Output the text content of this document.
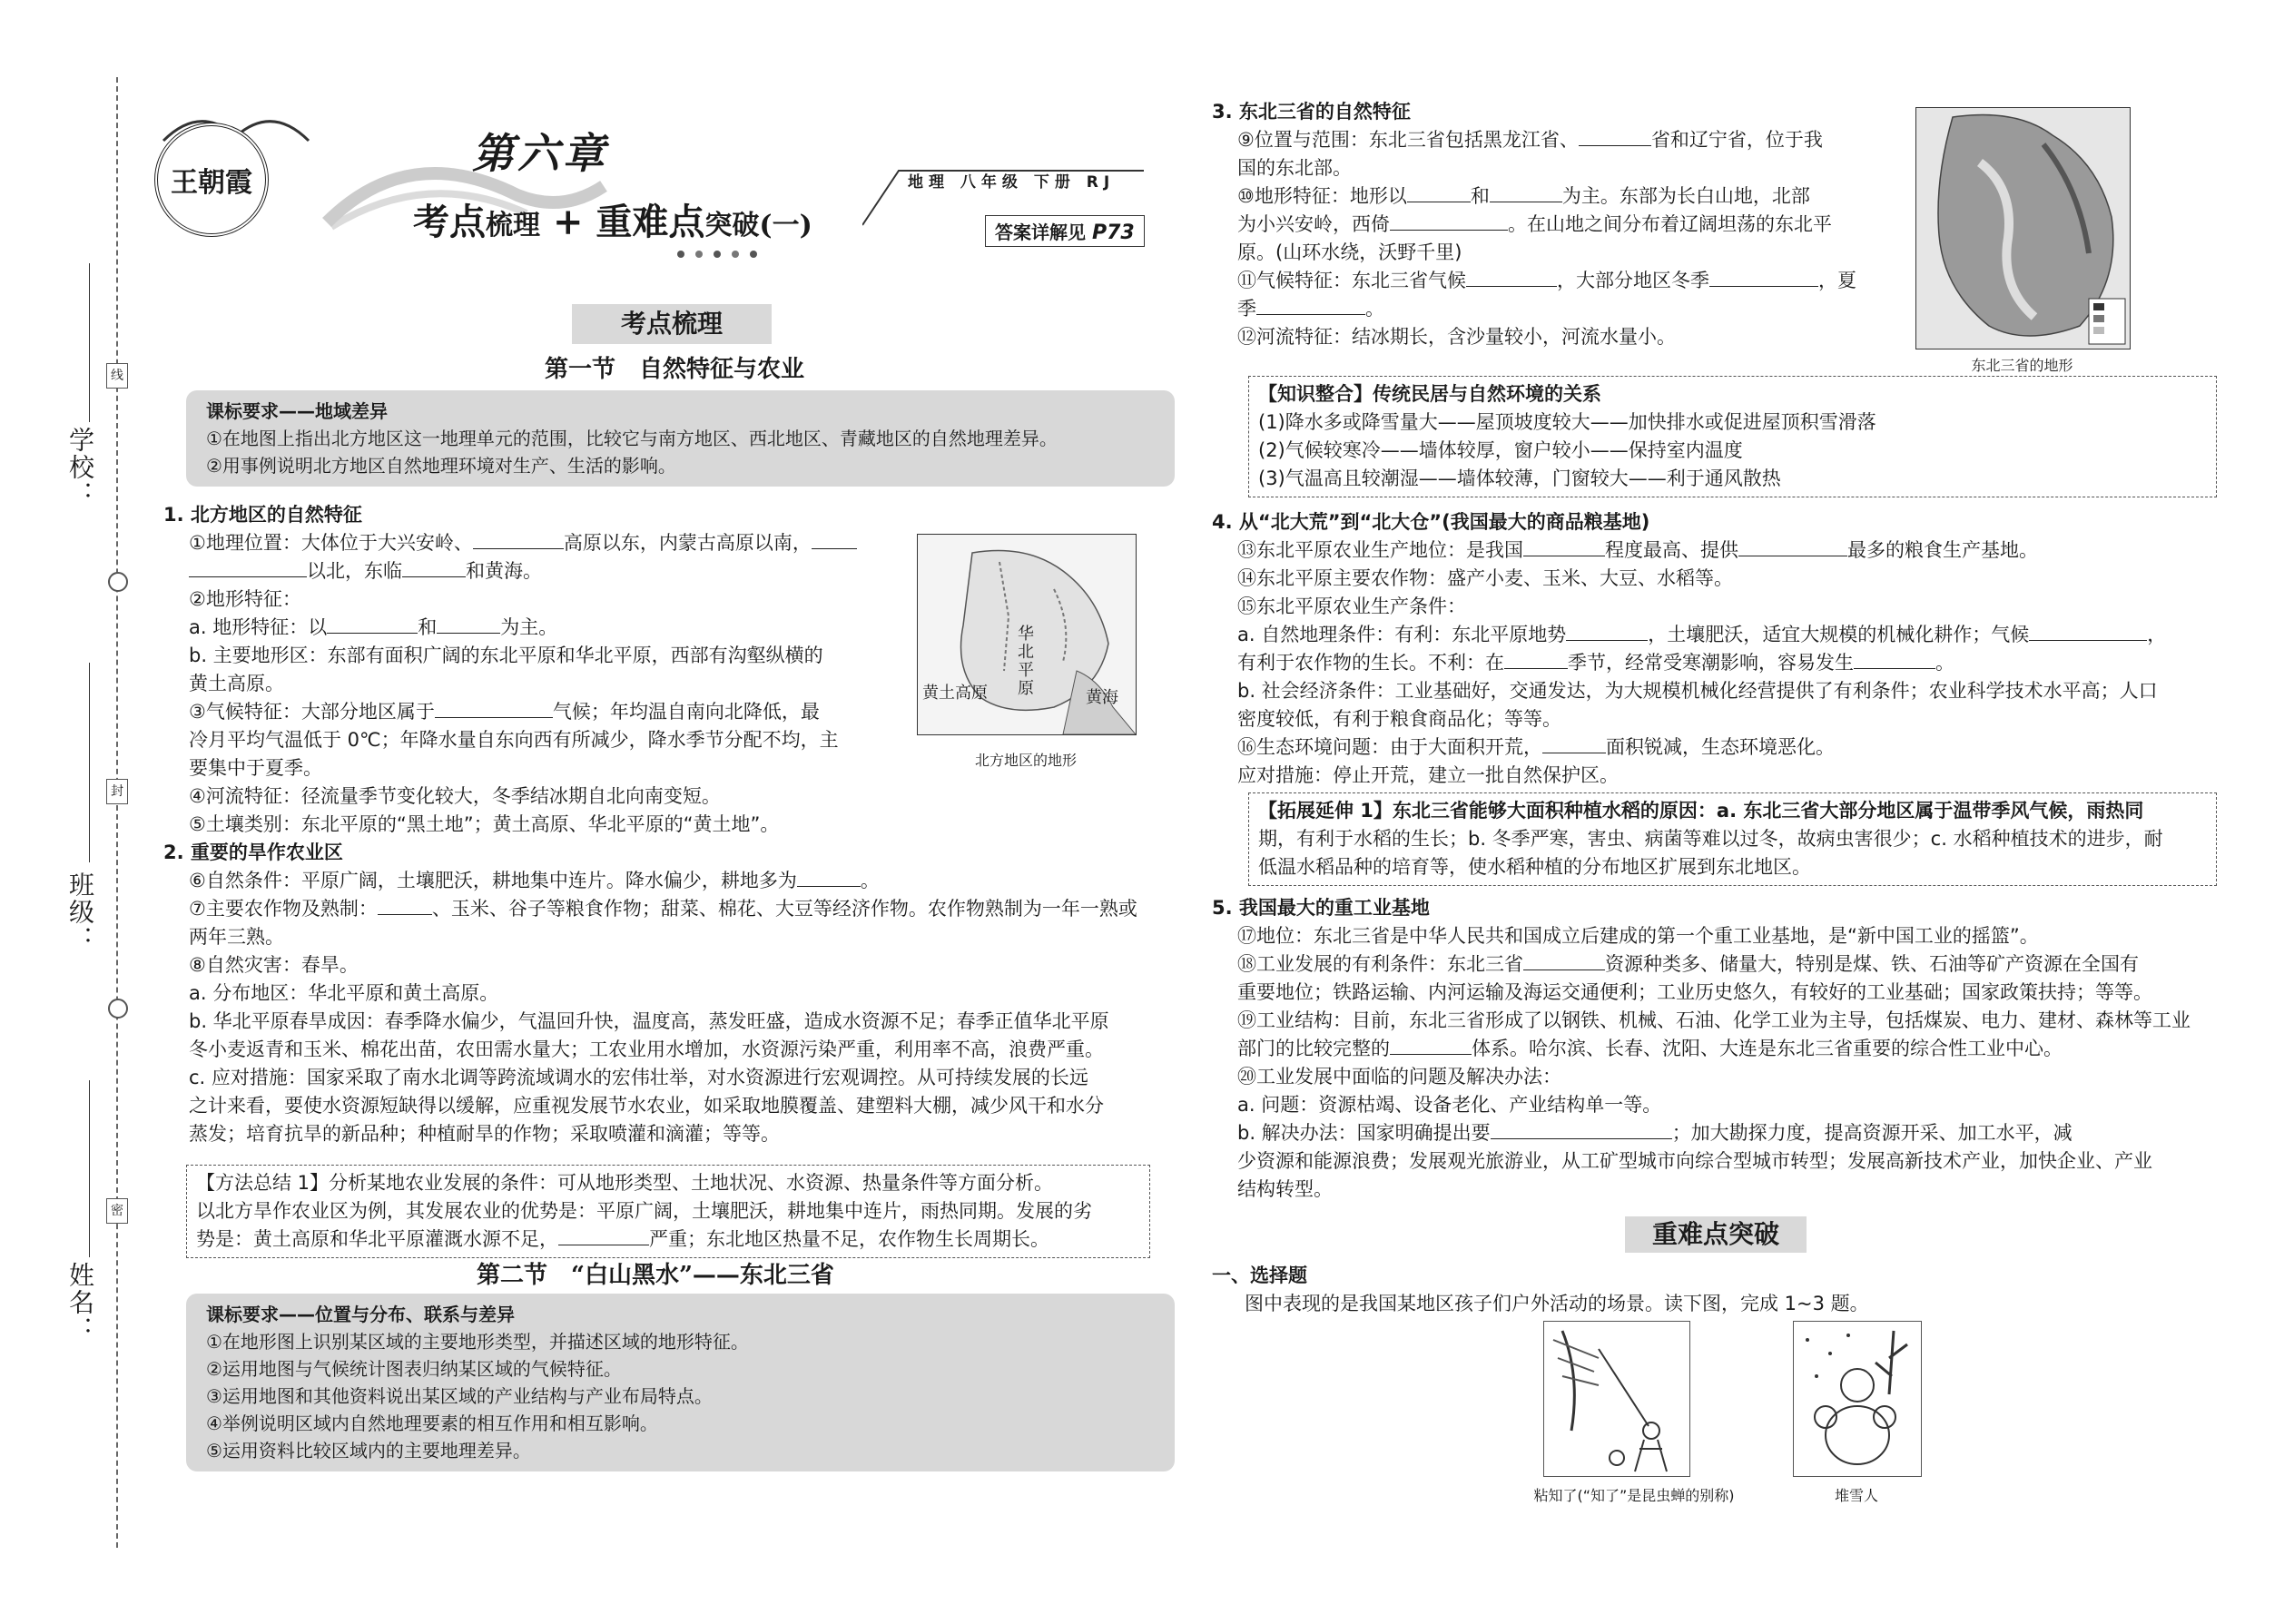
学校：
班级：
姓名：
线
封
密
王朝霞
第六章
考点梳理 + 重难点突破(一)
地理 八年级 下册 RJ
答案详解见 P73
考点梳理
第一节　自然特征与农业
课标要求——地域差异
①在地图上指出北方地区这一地理单元的范围，比较它与南方地区、西北地区、青藏地区的自然地理差异。
②用事例说明北方地区自然地理环境对生产、生活的影响。

1. 北方地区的自然特征

①地理位置：大体位于大兴安岭、	高原以东，内蒙古高原以南，

以北，东临	和黄海。

②地形特征：

a. 地形特征：以	和	为主。

b. 主要地形区：东部有面积广阔的东北平原和华北平原，西部有沟壑纵横的

黄土高原。

③气候特征：大部分地区属于	气候；年均温自南向北降低，最

冷月平均气温低于 0℃；年降水量自东向西有所减少，降水季节分配不均，主

要集中于夏季。

④河流特征：径流量季节变化较大，冬季结冰期自北向南变短。

⑤土壤类别：东北平原的“黑土地”；黄土高原、华北平原的“黄土地”。

2. 重要的旱作农业区

⑥自然条件：平原广阔，土壤肥沃，耕地集中连片。降水偏少，耕地多为	。

⑦主要农作物及熟制：	、玉米、谷子等粮食作物；甜菜、棉花、大豆等经济作物。农作物熟制为一年一熟或

两年三熟。

⑧自然灾害：春旱。

a. 分布地区：华北平原和黄土高原。

b. 华北平原春旱成因：春季降水偏少，气温回升快，温度高，蒸发旺盛，造成水资源不足；春季正值华北平原

冬小麦返青和玉米、棉花出苗，农田需水量大；工农业用水增加，水资源污染严重，利用率不高，浪费严重。

c. 应对措施：国家采取了南水北调等跨流域调水的宏伟壮举，对水资源进行宏观调控。从可持续发展的长远

之计来看，要使水资源短缺得以缓解，应重视发展节水农业，如采取地膜覆盖、建塑料大棚，减少风干和水分

蒸发；培育抗旱的新品种；种植耐旱的作物；采取喷灌和滴灌；等等。

黄土高原
华北平原	黄海
北方地区的地形

【方法总结 1】分析某地农业发展的条件：可从地形类型、土地状况、水资源、热量条件等方面分析。

以北方旱作农业区为例，其发展农业的优势是：平原广阔，土壤肥沃，耕地集中连片，雨热同期。发展的劣

势是：黄土高原和华北平原灌溉水源不足，	严重；东北地区热量不足，农作物生长周期长。

第二节　“白山黑水”——东北三省
课标要求——位置与分布、联系与差异
①在地形图上识别某区域的主要地形类型，并描述区域的地形特征。
②运用地图与气候统计图表归纳某区域的气候特征。
③运用地图和其他资料说出某区域的产业结构与产业布局特点。
④举例说明区域内自然地理要素的相互作用和相互影响。
⑤运用资料比较区域内的主要地理差异。

3. 东北三省的自然特征

⑨位置与范围：东北三省包括黑龙江省、	省和辽宁省，位于我

国的东北部。

⑩地形特征：地形以	和	为主。东部为长白山地，北部

为小兴安岭，西倚	。在山地之间分布着辽阔坦荡的东北平

原。(山环水绕，沃野千里)

⑪气候特征：东北三省气候	，大部分地区冬季	，夏

季	。

⑫河流特征：结冰期长，含沙量较小，河流水量小。

东北三省的地形

【知识整合】传统民居与自然环境的关系

(1)降水多或降雪量大——屋顶坡度较大——加快排水或促进屋顶积雪滑落

(2)气候较寒冷——墙体较厚，窗户较小——保持室内温度

(3)气温高且较潮湿——墙体较薄，门窗较大——利于通风散热

4. 从“北大荒”到“北大仓”(我国最大的商品粮基地)

⑬东北平原农业生产地位：是我国	程度最高、提供	最多的粮食生产基地。

⑭东北平原主要农作物：盛产小麦、玉米、大豆、水稻等。

⑮东北平原农业生产条件：

a. 自然地理条件：有利：东北平原地势	，土壤肥沃，适宜大规模的机械化耕作；气候	，

有利于农作物的生长。不利：在	季节，经常受寒潮影响，容易发生	。

b. 社会经济条件：工业基础好，交通发达，为大规模机械化经营提供了有利条件；农业科学技术水平高；人口

密度较低，有利于粮食商品化；等等。

⑯生态环境问题：由于大面积开荒，	面积锐减，生态环境恶化。

应对措施：停止开荒，建立一批自然保护区。

【拓展延伸 1】东北三省能够大面积种植水稻的原因：a. 东北三省大部分地区属于温带季风气候，雨热同

期，有利于水稻的生长；b. 冬季严寒，害虫、病菌等难以过冬，故病虫害很少；c. 水稻种植技术的进步，耐

低温水稻品种的培育等，使水稻种植的分布地区扩展到东北地区。

5. 我国最大的重工业基地

⑰地位：东北三省是中华人民共和国成立后建成的第一个重工业基地，是“新中国工业的摇篮”。

⑱工业发展的有利条件：东北三省	资源种类多、储量大，特别是煤、铁、石油等矿产资源在全国有

重要地位；铁路运输、内河运输及海运交通便利；工业历史悠久，有较好的工业基础；国家政策扶持；等等。

⑲工业结构：目前，东北三省形成了以钢铁、机械、石油、化学工业为主导，包括煤炭、电力、建材、森林等工业

部门的比较完整的	体系。哈尔滨、长春、沈阳、大连是东北三省重要的综合性工业中心。

⑳工业发展中面临的问题及解决办法：

a. 问题：资源枯竭、设备老化、产业结构单一等。

b. 解决办法：国家明确提出要	；加大勘探力度，提高资源开采、加工水平，减

少资源和能源浪费；发展观光旅游业，从工矿型城市向综合型城市转型；发展高新技术产业，加快企业、产业

结构转型。

重难点突破

一、选择题

图中表现的是我国某地区孩子们户外活动的场景。读下图，完成 1~3 题。

粘知了(“知了”是昆虫蝉的别称)	堆雪人
